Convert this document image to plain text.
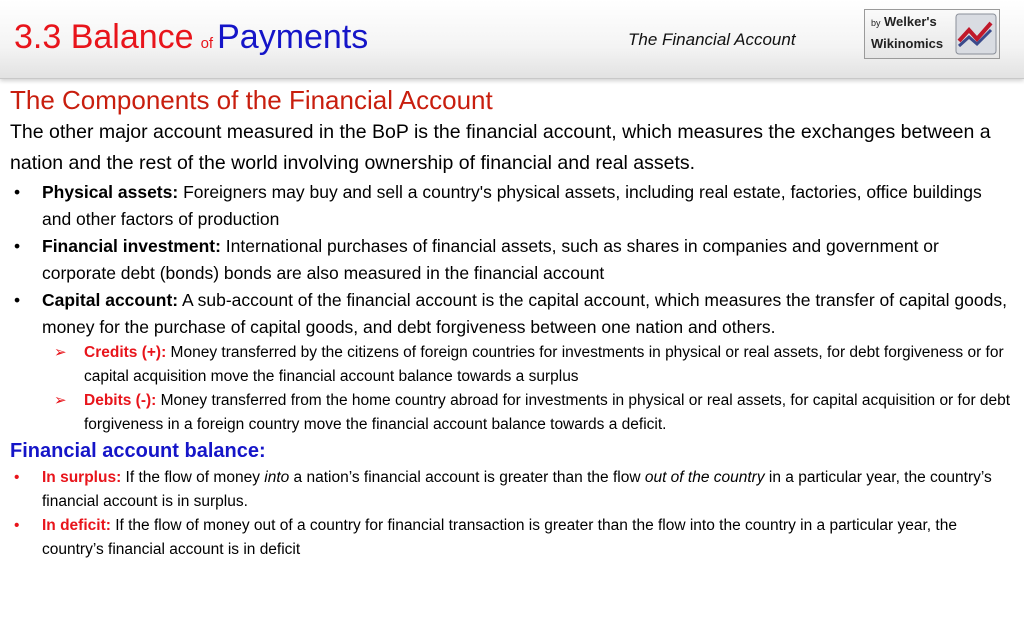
3.3 Balance of Payments	The Financial Account
by Welker's
Wikinomics
The Components of the Financial Account
The other major account measured in the BoP is the financial account, which measures the exchanges between a nation and the rest of the world involving ownership of financial and real assets.
• Physical assets: Foreigners may buy and sell a country's physical assets, including real estate, factories, office buildings and other factors of production
• Financial investment: International purchases of financial assets, such as shares in companies and government or corporate debt (bonds) bonds are also measured in the financial account
• Capital account: A sub-account of the financial account is the capital account, which measures the transfer of capital goods, money for the purchase of capital goods, and debt forgiveness between one nation and others.
➢ Credits (+): Money transferred by the citizens of foreign countries for investments in physical or real assets, for debt forgiveness or for capital acquisition move the financial account balance towards a surplus
➢ Debits (-): Money transferred from the home country abroad for investments in physical or real assets, for capital acquisition or for debt forgiveness in a foreign country move the financial account balance towards a deficit.
Financial account balance:
• In surplus: If the flow of money into a nation’s financial account is greater than the flow out of the country in a particular year, the country’s financial account is in surplus.
• In deficit: If the flow of money out of a country for financial transaction is greater than the flow into the country in a particular year, the country’s financial account is in deficit
